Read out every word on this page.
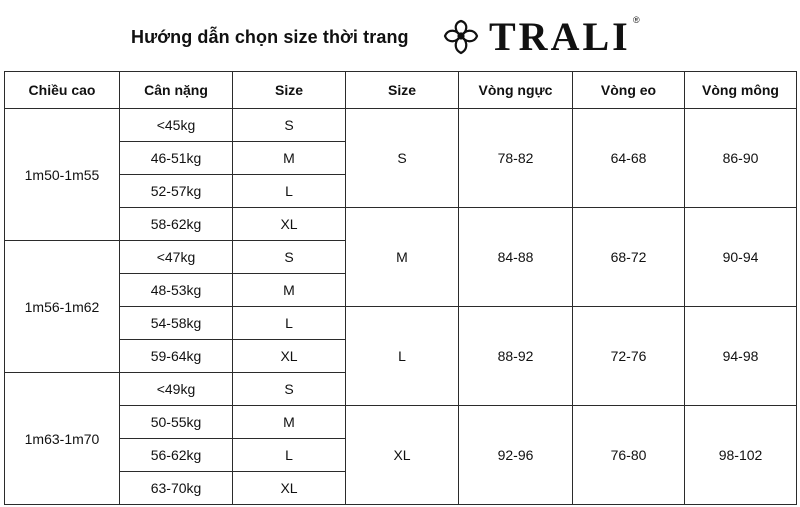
Hướng dẫn chọn size thời trang TRALI ®
Chiều cao	Cân nặng	Size	Size	Vòng ngực	Vòng eo	Vòng mông
1m50-1m55	<45kg	S	S	78-82	64-68	86-90
	46-51kg	M				
	52-57kg	L				
	58-62kg	XL	M	84-88	68-72	90-94
1m56-1m62	<47kg	S				
	48-53kg	M				
	54-58kg	L	L	88-92	72-76	94-98
	59-64kg	XL				
1m63-1m70	<49kg	S				
	50-55kg	M	XL	92-96	76-80	98-102
	56-62kg	L				
	63-70kg	XL				
